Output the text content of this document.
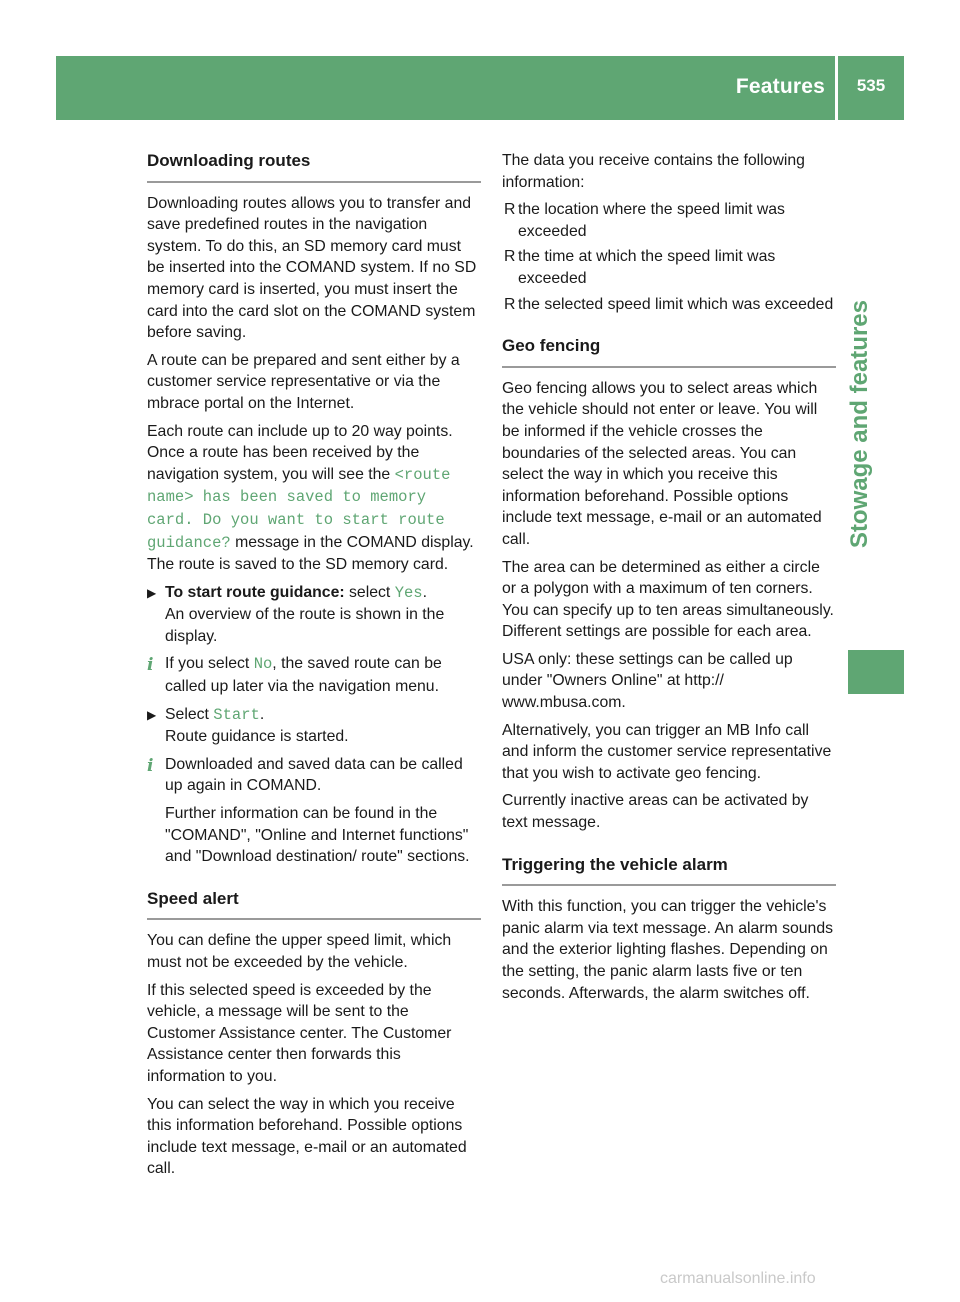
Features	535
Stowage and features
Downloading routes

Downloading routes allows you to transfer and save predefined routes in the navigation system. To do this, an SD memory card must be inserted into the COMAND system. If no SD memory card is inserted, you must insert the card into the card slot on the COMAND system before saving.

A route can be prepared and sent either by a customer service representative or via the mbrace portal on the Internet.

Each route can include up to 20 way points. Once a route has been received by the navigation system, you will see the <route name> has been saved to memory card. Do you want to start route guidance? message in the COMAND display. The route is saved to the SD memory card.

▶ To start route guidance: select Yes.
An overview of the route is shown in the display.
i If you select No, the saved route can be called up later via the navigation menu.
▶ Select Start.
Route guidance is started.
i Downloaded and saved data can be called up again in COMAND.

Further information can be found in the "COMAND", "Online and Internet functions" and "Download destination/ route" sections.

Speed alert

You can define the upper speed limit, which must not be exceeded by the vehicle.

If this selected speed is exceeded by the vehicle, a message will be sent to the Customer Assistance center. The Customer Assistance center then forwards this information to you.

You can select the way in which you receive this information beforehand. Possible options include text message, e-mail or an automated call.

The data you receive contains the following information:

R the location where the speed limit was exceeded
R the time at which the speed limit was exceeded
R the selected speed limit which was exceeded
Geo fencing

Geo fencing allows you to select areas which the vehicle should not enter or leave. You will be informed if the vehicle crosses the boundaries of the selected areas. You can select the way in which you receive this information beforehand. Possible options include text message, e-mail or an automated call.

The area can be determined as either a circle or a polygon with a maximum of ten corners. You can specify up to ten areas simultaneously. Different settings are possible for each area.

USA only: these settings can be called up under "Owners Online" at http:// www.mbusa.com.

Alternatively, you can trigger an MB Info call and inform the customer service representative that you wish to activate geo fencing.

Currently inactive areas can be activated by text message.

Triggering the vehicle alarm

With this function, you can trigger the vehicle's panic alarm via text message. An alarm sounds and the exterior lighting flashes. Depending on the setting, the panic alarm lasts five or ten seconds. Afterwards, the alarm switches off.

carmanualsonline.info
